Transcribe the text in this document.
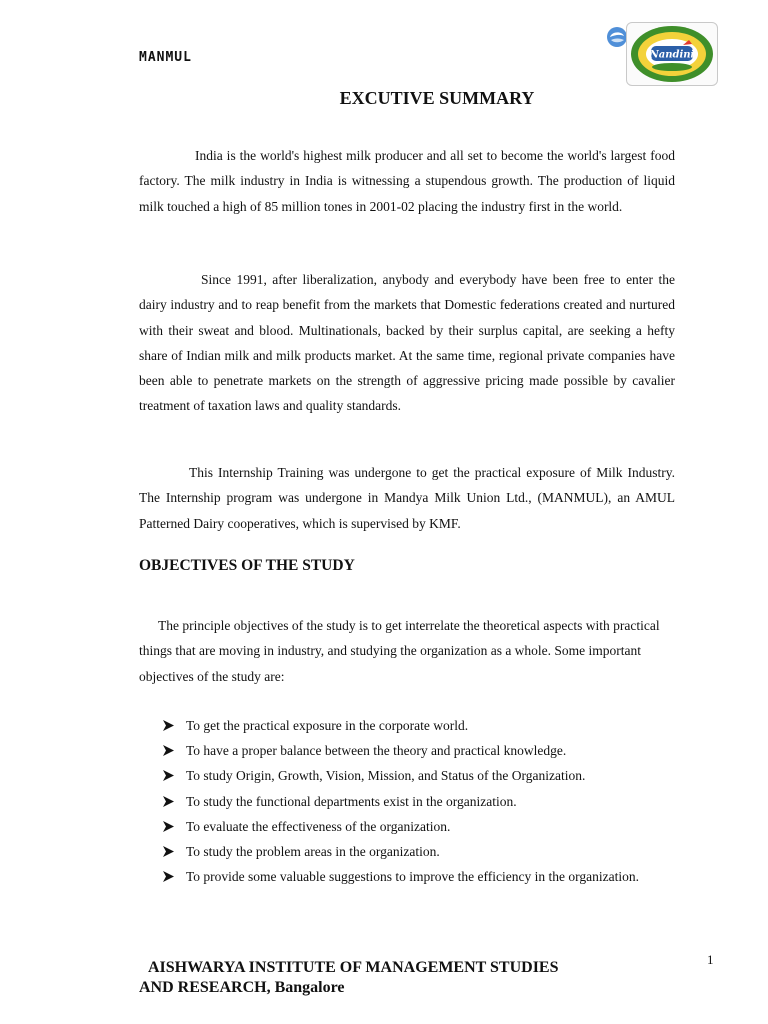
MANMUL	Nandini
EXCUTIVE SUMMARY

India is the world's highest milk producer and all set to become the world's largest food factory. The milk industry in India is witnessing a stupendous growth. The production of liquid milk touched a high of 85 million tones in 2001-02 placing the industry first in the world.

Since 1991, after liberalization, anybody and everybody have been free to enter the dairy industry and to reap benefit from the markets that Domestic federations created and nurtured with their sweat and blood. Multinationals, backed by their surplus capital, are seeking a hefty share of Indian milk and milk products market. At the same time, regional private companies have been able to penetrate markets on the strength of aggressive pricing made possible by cavalier treatment of taxation laws and quality standards.

This Internship Training was undergone to get the practical exposure of Milk Industry. The Internship program was undergone in Mandya Milk Union Ltd., (MANMUL), an AMUL Patterned Dairy cooperatives, which is supervised by KMF.

OBJECTIVES OF THE STUDY

The principle objectives of the study is to get interrelate the theoretical aspects with practical things that are moving in industry, and studying the organization as a whole. Some important objectives of the study are:

To get the practical exposure in the corporate world.
To have a proper balance between the theory and practical knowledge.
To study Origin, Growth, Vision, Mission, and Status of the Organization.
To study the functional departments exist in the organization.
To evaluate the effectiveness of the organization.
To study the problem areas in the organization.
To provide some valuable suggestions to improve the efficiency in the organization.
1
AISHWARYA INSTITUTE OF MANAGEMENT STUDIES
AND RESEARCH, Bangalore
